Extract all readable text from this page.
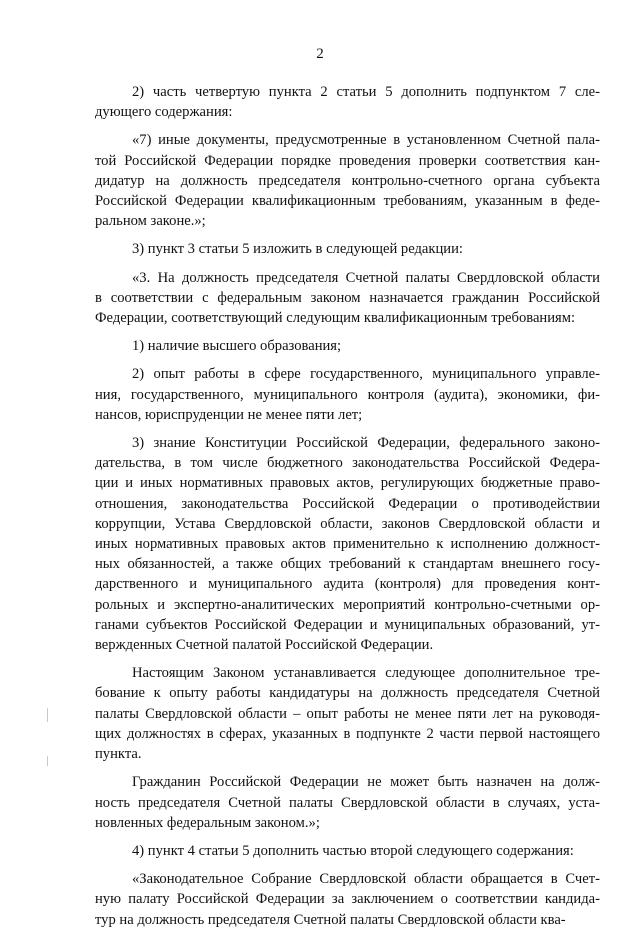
2
2) часть четвертую пункта 2 статьи 5 дополнить подпунктом 7 сле-
дующего содержания:
«7) иные документы, предусмотренные в установленном Счетной пала-
той Российской Федерации порядке проведения проверки соответствия кан-
дидатур на должность председателя контрольно-счетного органа субъекта
Российской Федерации квалификационным требованиям, указанным в феде-
ральном законе.»;
3) пункт 3 статьи 5 изложить в следующей редакции:
«3. На должность председателя Счетной палаты Свердловской области
в соответствии с федеральным законом назначается гражданин Российской
Федерации, соответствующий следующим квалификационным требованиям:
1) наличие высшего образования;
2) опыт работы в сфере государственного, муниципального управле-
ния, государственного, муниципального контроля (аудита), экономики, фи-
нансов, юриспруденции не менее пяти лет;
3) знание Конституции Российской Федерации, федерального законо-
дательства, в том числе бюджетного законодательства Российской Федера-
ции и иных нормативных правовых актов, регулирующих бюджетные право-
отношения, законодательства Российской Федерации о противодействии
коррупции, Устава Свердловской области, законов Свердловской области и
иных нормативных правовых актов применительно к исполнению должност-
ных обязанностей, а также общих требований к стандартам внешнего госу-
дарственного и муниципального аудита (контроля) для проведения конт-
рольных и экспертно-аналитических мероприятий контрольно-счетными ор-
ганами субъектов Российской Федерации и муниципальных образований, ут-
вержденных Счетной палатой Российской Федерации.
Настоящим Законом устанавливается следующее дополнительное тре-
бование к опыту работы кандидатуры на должность председателя Счетной
палаты Свердловской области – опыт работы не менее пяти лет на руководя-
щих должностях в сферах, указанных в подпункте 2 части первой настоящего
пункта.
Гражданин Российской Федерации не может быть назначен на долж-
ность председателя Счетной палаты Свердловской области в случаях, уста-
новленных федеральным законом.»;
4) пункт 4 статьи 5 дополнить частью второй следующего содержания:
«Законодательное Собрание Свердловской области обращается в Счет-
ную палату Российской Федерации за заключением о соответствии кандида-
тур на должность председателя Счетной палаты Свердловской области ква-
